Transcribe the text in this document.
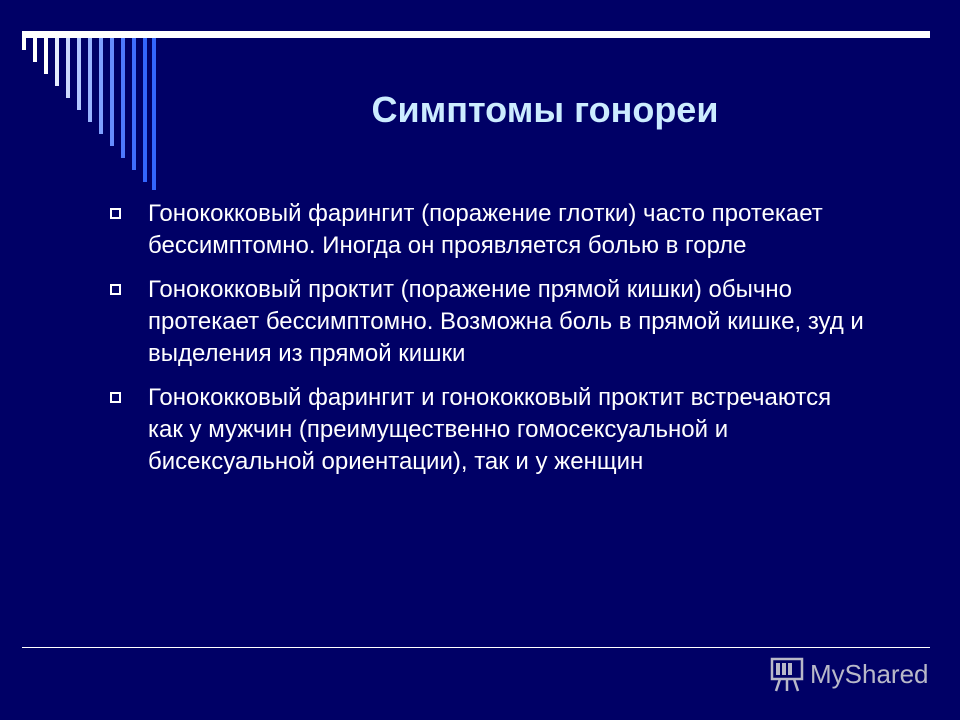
Симптомы гонореи
Гонококковый фарингит (поражение глотки) часто протекает бессимптомно. Иногда он проявляется болью в горле
Гонококковый проктит (поражение прямой кишки) обычно протекает бессимптомно. Возможна боль в прямой кишке, зуд и выделения из прямой кишки
Гонококковый фарингит и гонококковый проктит встречаются как у мужчин (преимущественно гомосексуальной и бисексуальной ориентации), так и у женщин
MyShared
